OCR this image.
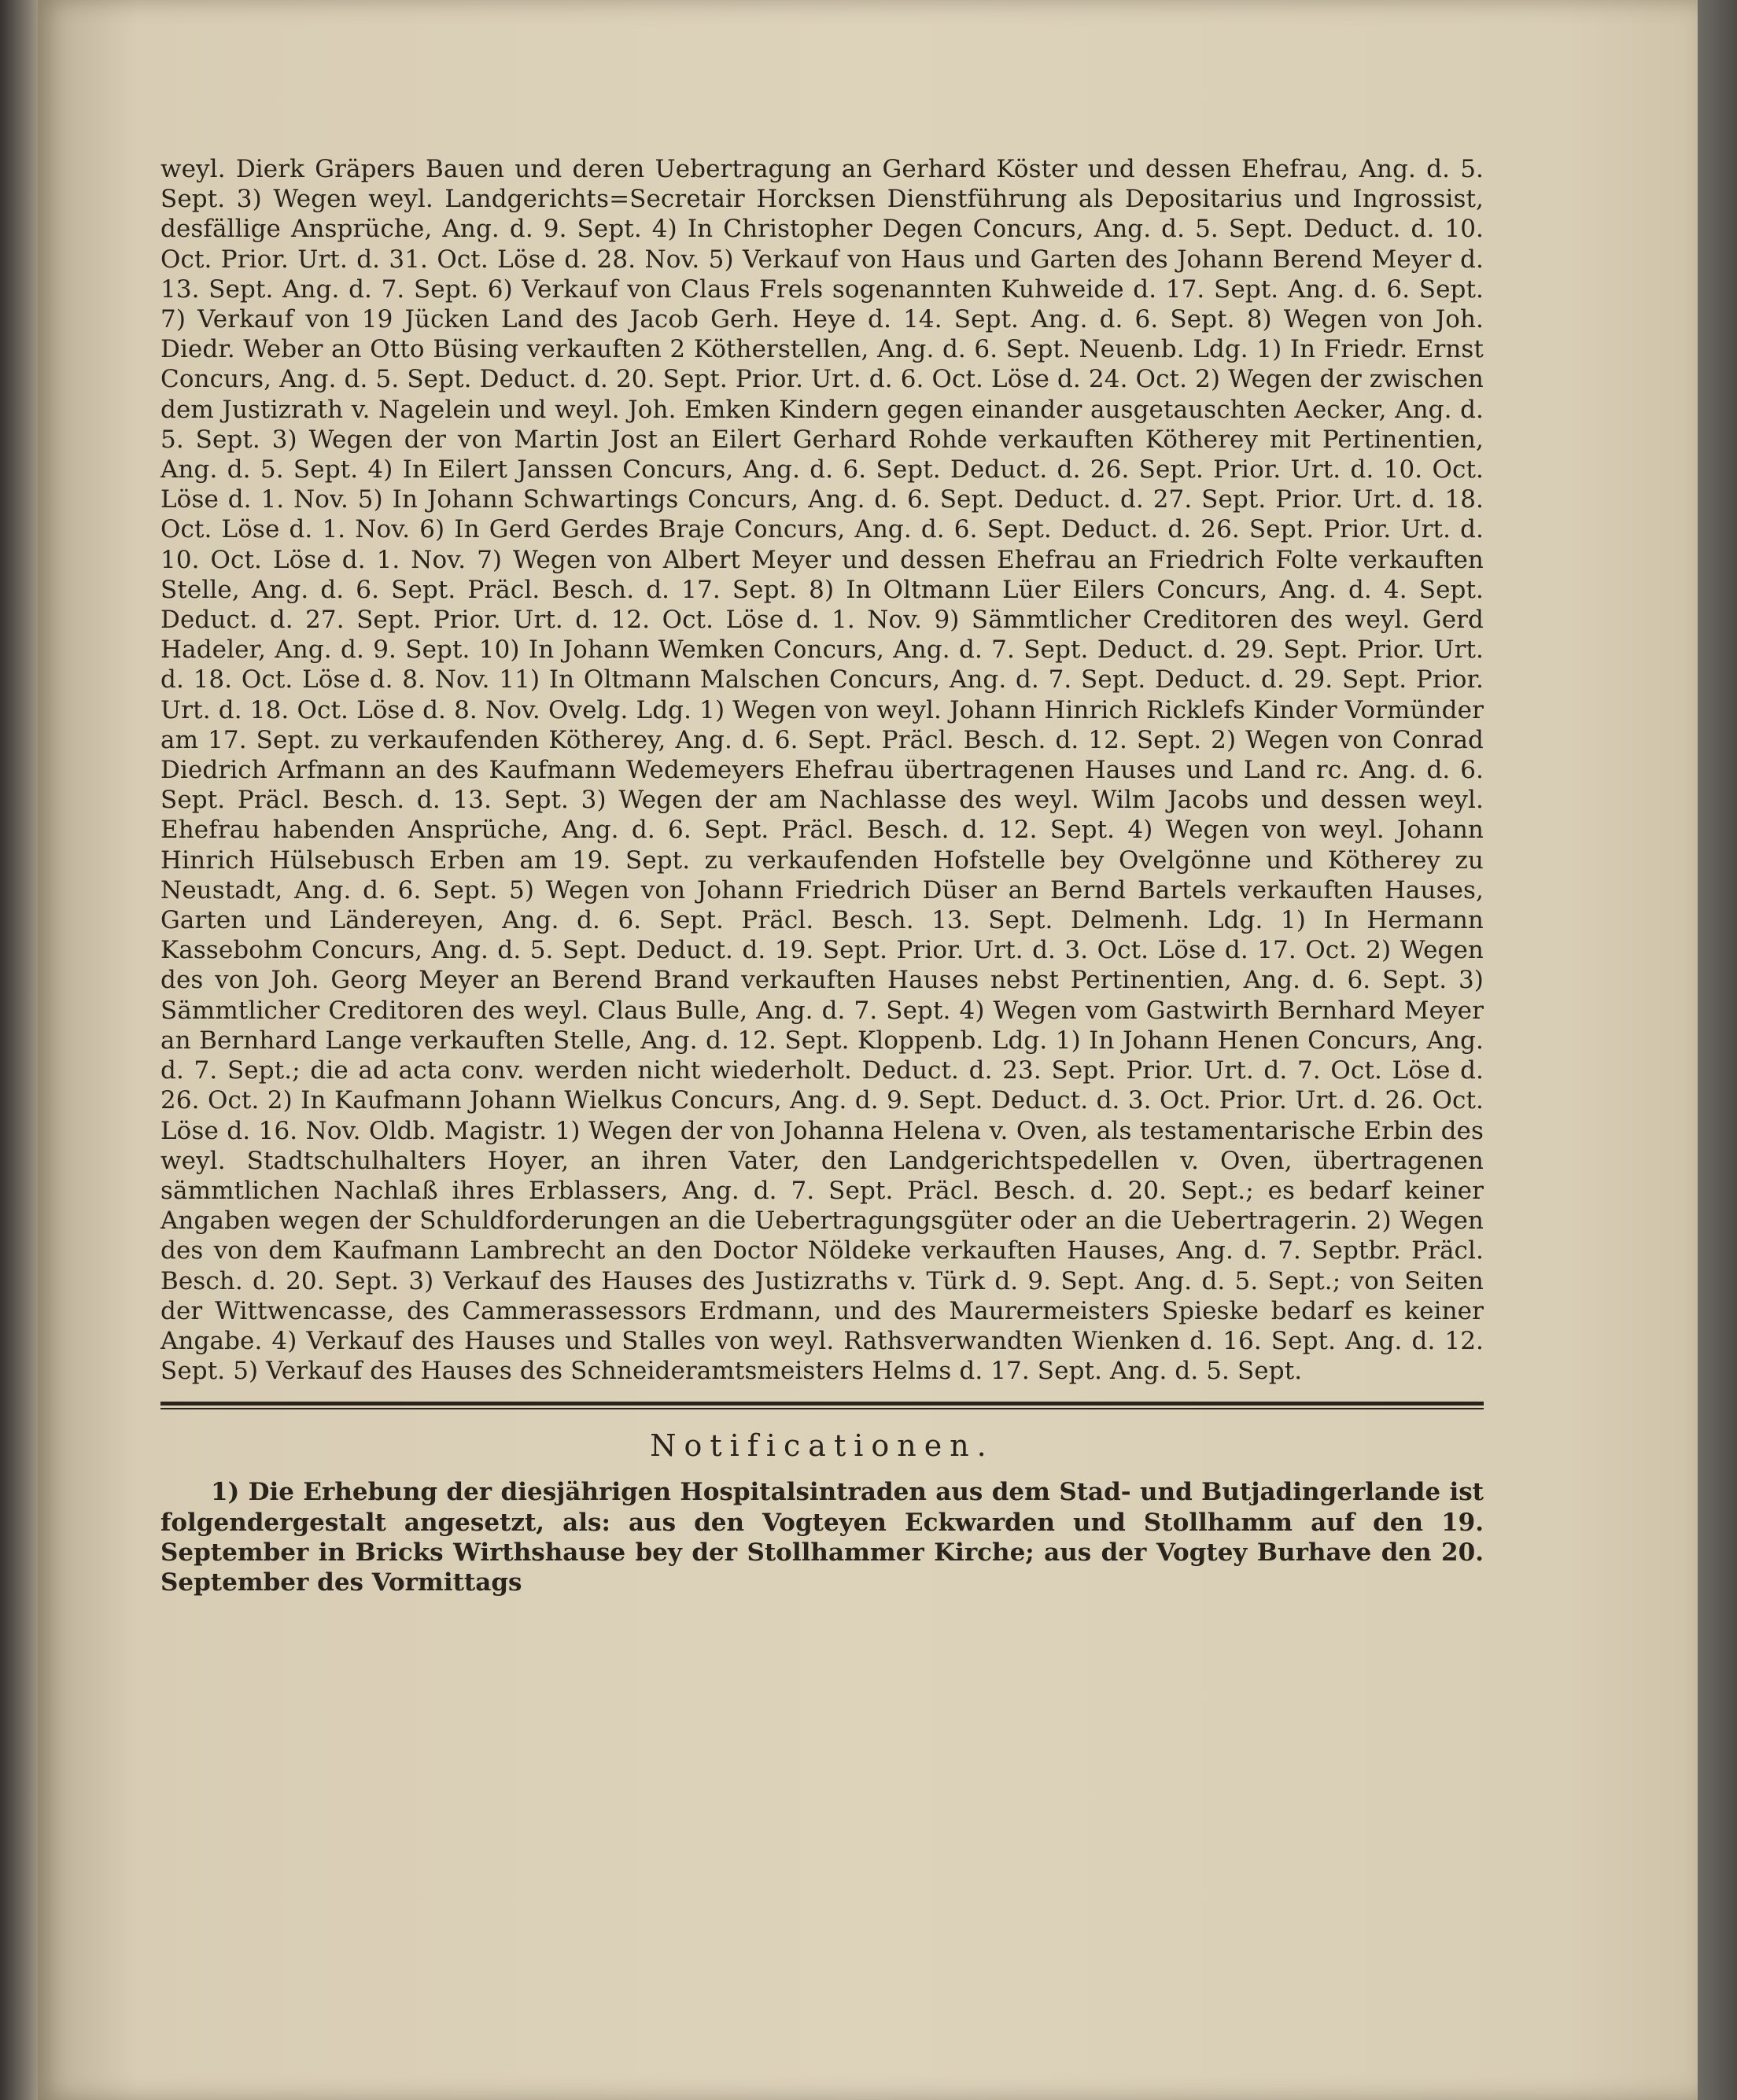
weyl. Dierk Gräpers Bauen und deren Uebertragung an Gerhard Köster und dessen Ehefrau, Ang. d. 5. Sept. 3) Wegen weyl. Landgerichts=Secretair Horcksen Dienstführung als Depositarius und Ingrossist, desfällige Ansprüche, Ang. d. 9. Sept. 4) In Christopher Degen Concurs, Ang. d. 5. Sept. Deduct. d. 10. Oct. Prior. Urt. d. 31. Oct. Löse d. 28. Nov. 5) Verkauf von Haus und Garten des Johann Berend Meyer d. 13. Sept. Ang. d. 7. Sept. 6) Verkauf von Claus Frels sogenannten Kuhweide d. 17. Sept. Ang. d. 6. Sept. 7) Verkauf von 19 Jücken Land des Jacob Gerh. Heye d. 14. Sept. Ang. d. 6. Sept. 8) Wegen von Joh. Diedr. Weber an Otto Büsing verkauften 2 Kötherstellen, Ang. d. 6. Sept. Neuenb. Ldg. 1) In Friedr. Ernst Concurs, Ang. d. 5. Sept. Deduct. d. 20. Sept. Prior. Urt. d. 6. Oct. Löse d. 24. Oct. 2) Wegen der zwischen dem Justizrath v. Nagelein und weyl. Joh. Emken Kindern gegen einander ausgetauschten Aecker, Ang. d. 5. Sept. 3) Wegen der von Martin Jost an Eilert Gerhard Rohde verkauften Kötherey mit Pertinentien, Ang. d. 5. Sept. 4) In Eilert Janssen Concurs, Ang. d. 6. Sept. Deduct. d. 26. Sept. Prior. Urt. d. 10. Oct. Löse d. 1. Nov. 5) In Johann Schwartings Concurs, Ang. d. 6. Sept. Deduct. d. 27. Sept. Prior. Urt. d. 18. Oct. Löse d. 1. Nov. 6) In Gerd Gerdes Braje Concurs, Ang. d. 6. Sept. Deduct. d. 26. Sept. Prior. Urt. d. 10. Oct. Löse d. 1. Nov. 7) Wegen von Albert Meyer und dessen Ehefrau an Friedrich Folte verkauften Stelle, Ang. d. 6. Sept. Präcl. Besch. d. 17. Sept. 8) In Oltmann Lüer Eilers Concurs, Ang. d. 4. Sept. Deduct. d. 27. Sept. Prior. Urt. d. 12. Oct. Löse d. 1. Nov. 9) Sämmtlicher Creditoren des weyl. Gerd Hadeler, Ang. d. 9. Sept. 10) In Johann Wemken Concurs, Ang. d. 7. Sept. Deduct. d. 29. Sept. Prior. Urt. d. 18. Oct. Löse d. 8. Nov. 11) In Oltmann Malschen Concurs, Ang. d. 7. Sept. Deduct. d. 29. Sept. Prior. Urt. d. 18. Oct. Löse d. 8. Nov. Ovelg. Ldg. 1) Wegen von weyl. Johann Hinrich Ricklefs Kinder Vormünder am 17. Sept. zu verkaufenden Kötherey, Ang. d. 6. Sept. Präcl. Besch. d. 12. Sept. 2) Wegen von Conrad Diedrich Arfmann an des Kaufmann Wedemeyers Ehefrau übertragenen Hauses und Land rc. Ang. d. 6. Sept. Präcl. Besch. d. 13. Sept. 3) Wegen der am Nachlasse des weyl. Wilm Jacobs und dessen weyl. Ehefrau habenden Ansprüche, Ang. d. 6. Sept. Präcl. Besch. d. 12. Sept. 4) Wegen von weyl. Johann Hinrich Hülsebusch Erben am 19. Sept. zu verkaufenden Hofstelle bey Ovelgönne und Kötherey zu Neustadt, Ang. d. 6. Sept. 5) Wegen von Johann Friedrich Düser an Bernd Bartels verkauften Hauses, Garten und Ländereyen, Ang. d. 6. Sept. Präcl. Besch. 13. Sept. Delmenh. Ldg. 1) In Hermann Kassebohm Concurs, Ang. d. 5. Sept. Deduct. d. 19. Sept. Prior. Urt. d. 3. Oct. Löse d. 17. Oct. 2) Wegen des von Joh. Georg Meyer an Berend Brand verkauften Hauses nebst Pertinentien, Ang. d. 6. Sept. 3) Sämmtlicher Creditoren des weyl. Claus Bulle, Ang. d. 7. Sept. 4) Wegen vom Gastwirth Bernhard Meyer an Bernhard Lange verkauften Stelle, Ang. d. 12. Sept. Kloppenb. Ldg. 1) In Johann Henen Concurs, Ang. d. 7. Sept.; die ad acta conv. werden nicht wiederholt. Deduct. d. 23. Sept. Prior. Urt. d. 7. Oct. Löse d. 26. Oct. 2) In Kaufmann Johann Wielkus Concurs, Ang. d. 9. Sept. Deduct. d. 3. Oct. Prior. Urt. d. 26. Oct. Löse d. 16. Nov. Oldb. Magistr. 1) Wegen der von Johanna Helena v. Oven, als testamentarische Erbin des weyl. Stadtschulhalters Hoyer, an ihren Vater, den Landgerichtspedellen v. Oven, übertragenen sämmtlichen Nachlaß ihres Erblassers, Ang. d. 7. Sept. Präcl. Besch. d. 20. Sept.; es bedarf keiner Angaben wegen der Schuldforderungen an die Uebertragungsgüter oder an die Uebertragerin. 2) Wegen des von dem Kaufmann Lambrecht an den Doctor Nöldeke verkauften Hauses, Ang. d. 7. Septbr. Präcl. Besch. d. 20. Sept. 3) Verkauf des Hauses des Justizraths v. Türk d. 9. Sept. Ang. d. 5. Sept.; von Seiten der Wittwencasse, des Cammerassessors Erdmann, und des Maurermeisters Spieske bedarf es keiner Angabe. 4) Verkauf des Hauses und Stalles von weyl. Rathsverwandten Wienken d. 16. Sept. Ang. d. 12. Sept. 5) Verkauf des Hauses des Schneideramtsmeisters Helms d. 17. Sept. Ang. d. 5. Sept.

Notificationen.

1) Die Erhebung der diesjährigen Hospitalsintraden aus dem Stad- und Butjadingerlande ist folgendergestalt angesetzt, als: aus den Vogteyen Eckwarden und Stollhamm auf den 19. September in Bricks Wirthshause bey der Stollhammer Kirche; aus der Vogtey Burhave den 20. September des Vormittags
